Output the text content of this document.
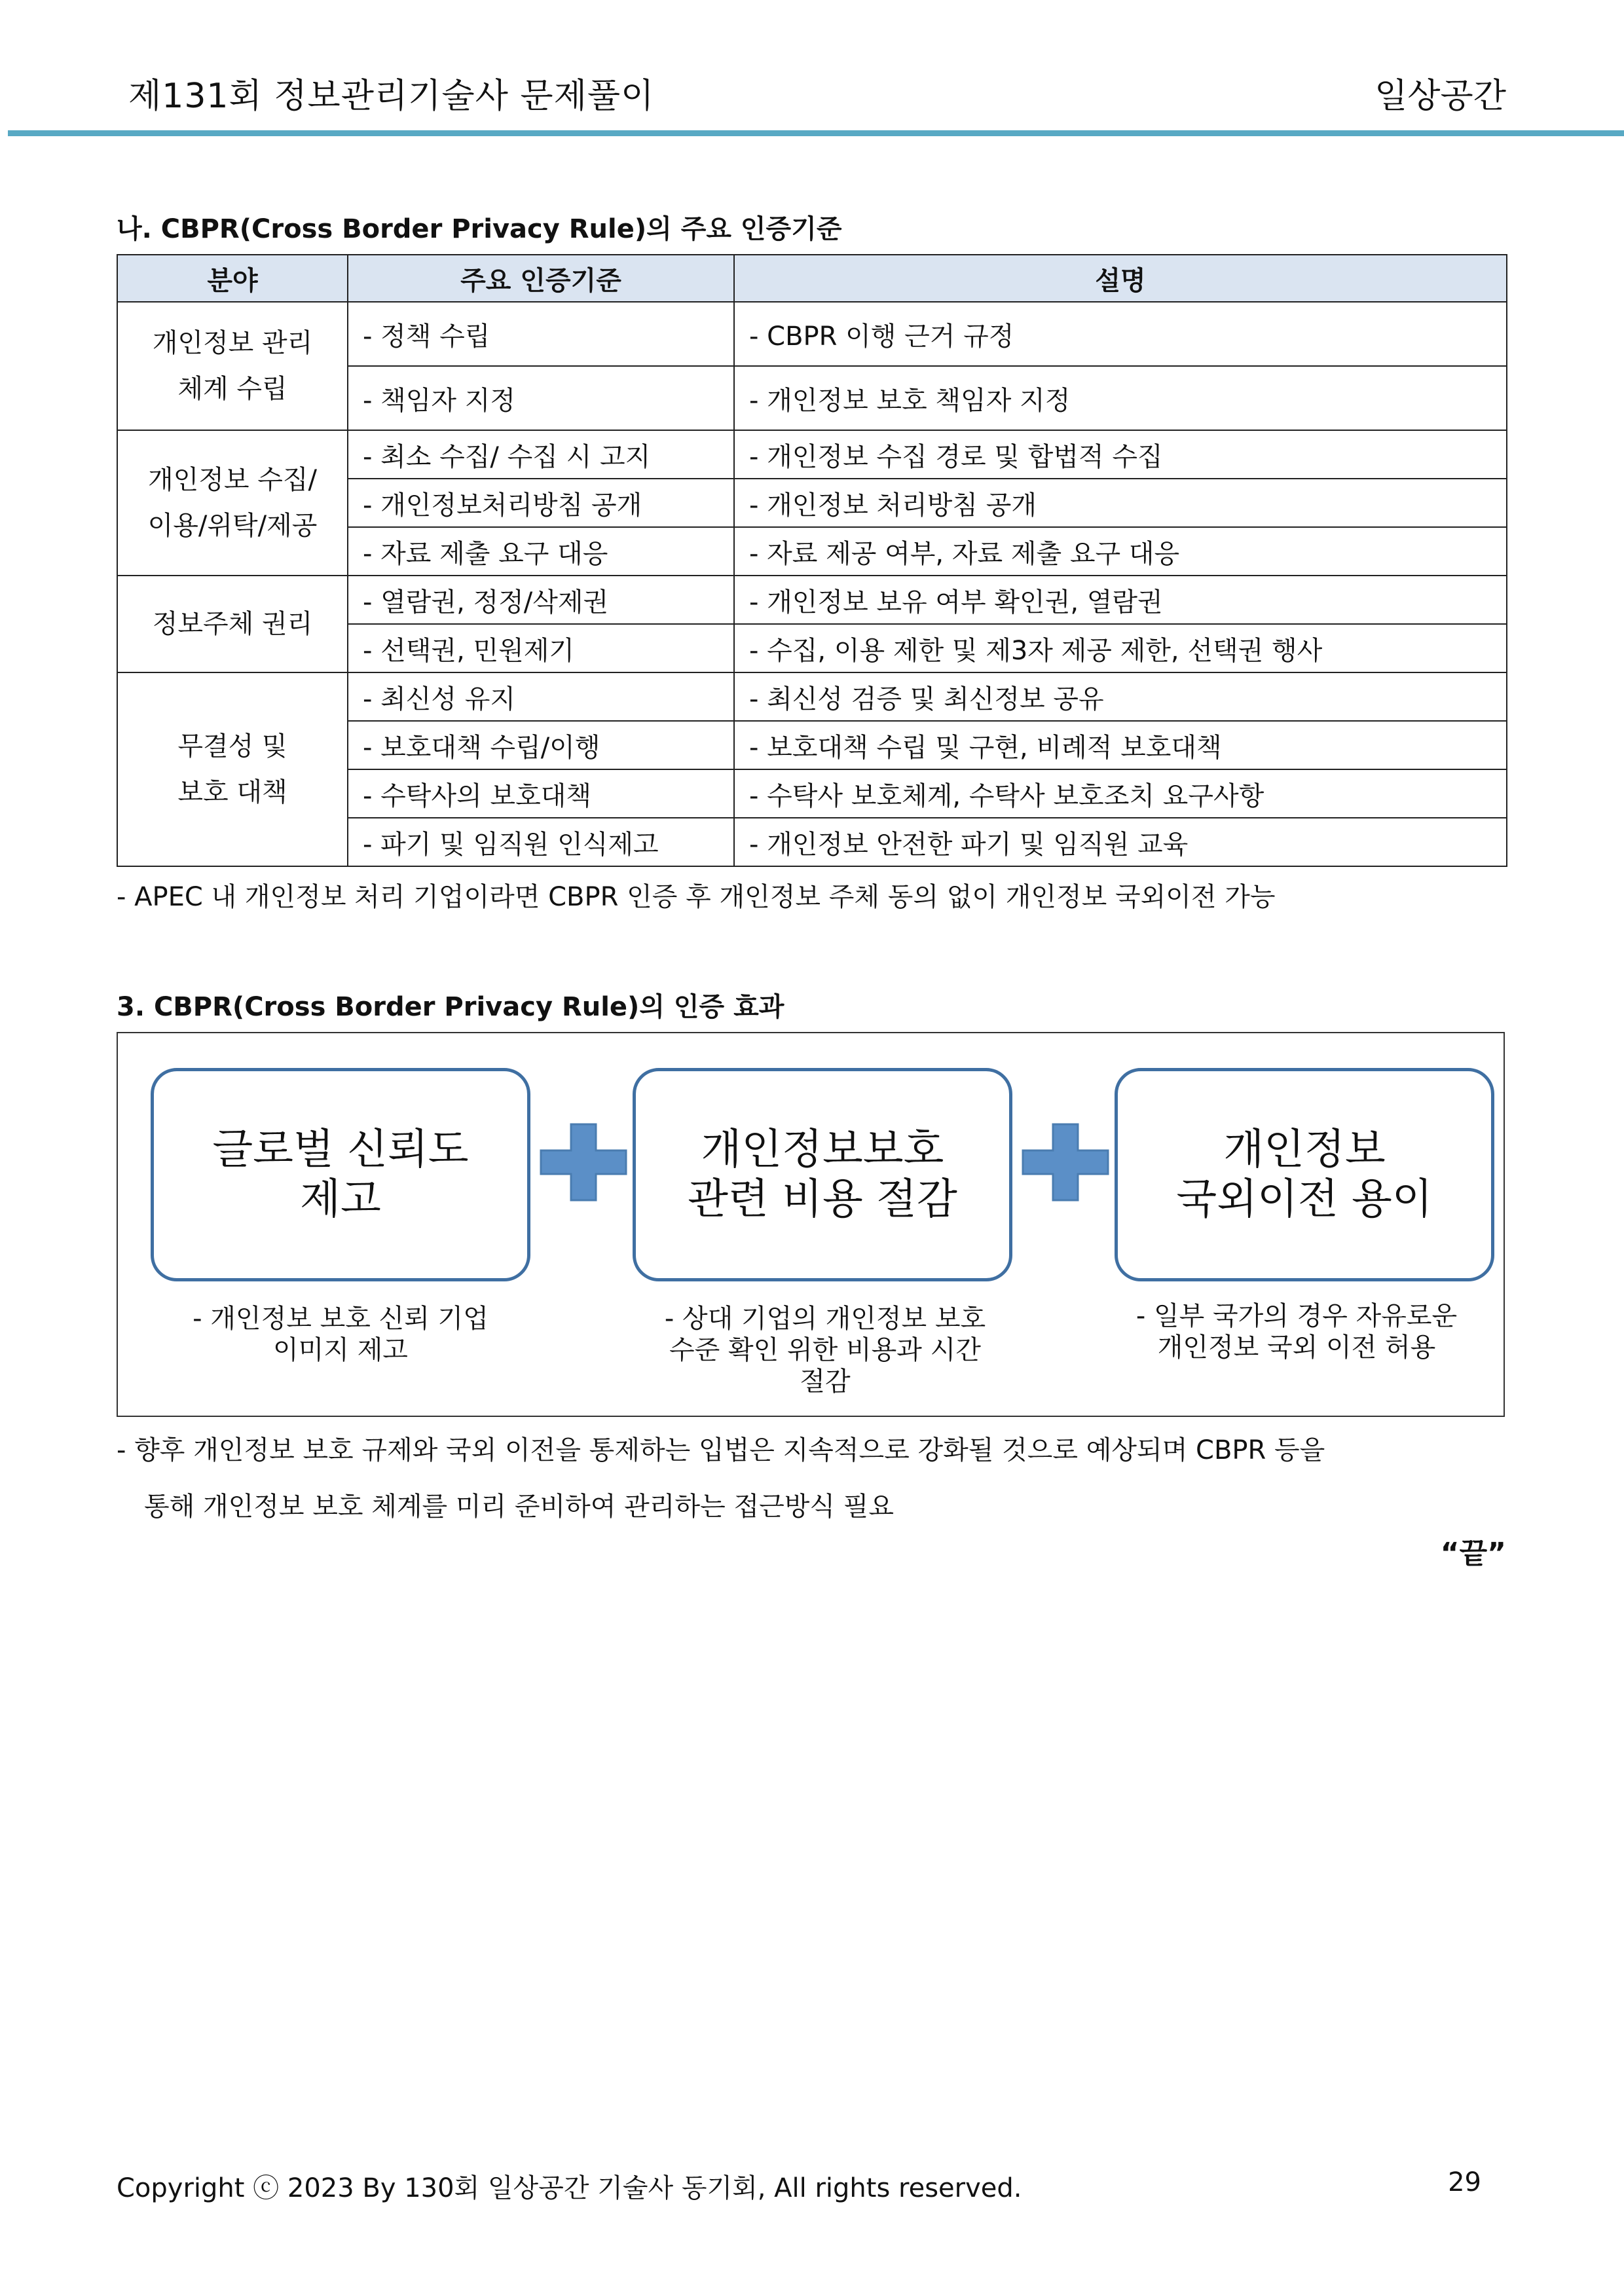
제131회 정보관리기술사 문제풀이	일상공간
나. CBPR(Cross Border Privacy Rule)의 주요 인증기준
분야	주요 인증기준	설명

개인정보 관리
체계 수립	- 정책 수립	- CBPR 이행 근거 규정
	- 책임자 지정	- 개인정보 보호 책임자 지정

개인정보 수집/
이용/위탁/제공	- 최소 수집/ 수집 시 고지	- 개인정보 수집 경로 및 합법적 수집
	- 개인정보처리방침 공개	- 개인정보 처리방침 공개
	- 자료 제출 요구 대응	- 자료 제공 여부, 자료 제출 요구 대응

정보주체 권리	- 열람권, 정정/삭제권	- 개인정보 보유 여부 확인권, 열람권
	- 선택권, 민원제기	- 수집, 이용 제한 및 제3자 제공 제한, 선택권 행사

무결성 및
보호 대책	- 최신성 유지	- 최신성 검증 및 최신정보 공유
	- 보호대책 수립/이행	- 보호대책 수립 및 구현, 비례적 보호대책
	- 수탁사의 보호대책	- 수탁사 보호체계, 수탁사 보호조치 요구사항
	- 파기 및 임직원 인식제고	- 개인정보 안전한 파기 및 임직원 교육
- APEC 내 개인정보 처리 기업이라면 CBPR 인증 후 개인정보 주체 동의 없이 개인정보 국외이전 가능
3. CBPR(Cross Border Privacy Rule)의 인증 효과
글로벌 신뢰도
제고
개인정보보호
관련 비용 절감
개인정보
국외이전 용이
- 개인정보 보호 신뢰 기업
이미지 제고
- 상대 기업의 개인정보 보호
수준 확인 위한 비용과 시간
절감
- 일부 국가의 경우 자유로운
개인정보 국외 이전 허용
- 향후 개인정보 보호 규제와 국외 이전을 통제하는 입법은 지속적으로 강화될 것으로 예상되며 CBPR 등을
통해 개인정보 보호 체계를 미리 준비하여 관리하는 접근방식 필요
“끝”
Copyright ⓒ 2023 By 130회 일상공간 기술사 동기회, All rights reserved.	29
